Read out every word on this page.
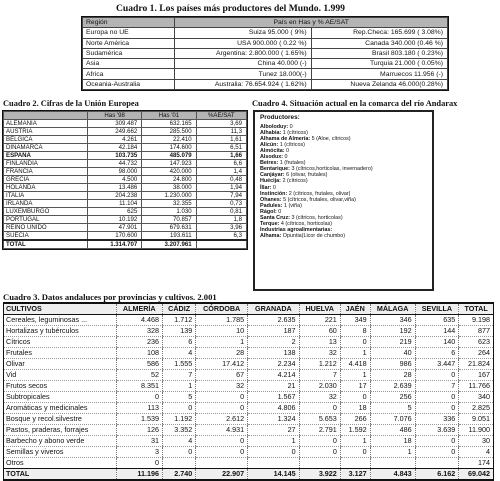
Cuadro 1. Los países más productores del Mundo. 1.999
Región	País en Has y % AE/SAT	
Europa no UE	Suiza 95.000 ( 9%)	Rep.Checa: 165.699 ( 3.08%)
Norte América	USA 900.000 ( 0.22 %)	Canada 340.000 (0.46 %)
Sudamérica	Argentina: 2.800.000 ( 1.65%)	Brasil 803.180 ( 0.23%)
Asia	China 40.000 (-)	Turquia 21.000 ( 0.05%)
Africa	Tunez 18.000(-)	Marruecos 11.956 (-)
Oceania-Australia	Australia: 76.654.924 ( 1.62%)	Nueva Zelanda 46.000(0.28%)
Cuadro 2. Cifras de la Unión Europea
	Has '98	Has '01	%AE/SAT
ALEMANIA	309.487	632.165	3,69
AUSTRIA	249.662	285.500	11,3
BÉLGICA	4.261	22.410	1,61
DINAMARCA	42.184	174.600	6,51
ESPAÑA	103.735	485.079	1,66
FINLANDIA	44.732	147.923	6,6
FRANCIA	98.000	420.000	1,4
GRECIA	4.500	24.800	0,48
HOLANDA	13.486	38.000	1,94
ITALIA	204.238	1.230.000	7,94
IRLANDA	11.104	32.355	0,73
LUXEMBURGO	625	1.030	0,81
PORTUGAL	10.192	70.857	1,8
REINO UNIDO	47.901	679.631	3,96
SUECIA	170.600	193.611	6,3
TOTAL	1.314.707	3.207.961	
Cuadro 4. Situación actual en la comarca del río Andarax
Productores:
Alboloduy: 0
Alhabia: 1 (cítricos)
Alhama de Almería: 5 (Aloe, cítricos)
Alicún: 1 (cítricos)
Almócita: 0
Alsodux: 0
Beires: 1 (frutales)
Bentarique: 3 (cítricos,horticolas, invernadero)
Canjáyar: 6 (olivar, frutales)
Huécija: 2 (cítricos)
Íllar: 0
Instinción: 2 (cítricos, frutales, olivar)
Ohanes: 5 (cítricos, frutales, olivar,viña)
Padules: 1 (viña)
Rágol: 0
Santa Cruz: 3 (cítricos, horticolas)
Terque: 4 (cítricos, horticolas)
Industrias agroalimentarias:
Alhama: Opuntia(Licor de chumbo)
Cuadro 3. Datos andaluces por provincias y cultivos. 2.001
CULTIVOS	ALMERÍA	CÁDIZ	CÓRDOBA	GRANADA	HUELVA	JAÉN	MÁLAGA	SEVILLA	TOTAL
Cereales, leguminosas ...	4.468	1.712	1.785	2.635	221	349	346	635	9.198
Hortalizas y tubérculos	328	139	10	187	60	8	192	144	877
Cítricos	236	6	1	2	13	0	219	140	623
Frutales	108	4	28	138	32	1	40	6	264
Olivar	586	1.555	17.412	2.234	1.212	4.418	986	3.447	21.824
Vid	52	7	67	4.214	7	1	28	0	167
Frutos secos	8.351	1	32	21	2.030	17	2.639	7	11.766
Subtropicales	0	5	0	1.567	32	0	256	0	340
Aromáticas y medicinales	113	0	0	4.806	0	18	5	0	2.825
Bosque y recol.silvestre	1.539	1.192	2.612	1.324	5.653	266	7.076	336	9.051
Pastos, praderas, forrajes	126	3.352	4.931	27	2.791	1.592	486	3.639	11.900
Barbecho y abono verde	31	4	0	1	0	1	18	0	30
Semillas y viveros	3	0	0	0	0	0	1	0	4
Otros	0								174
TOTAL	11.196	2.740	22.907	14.145	3.922	3.127	4.843	6.162	69.042
